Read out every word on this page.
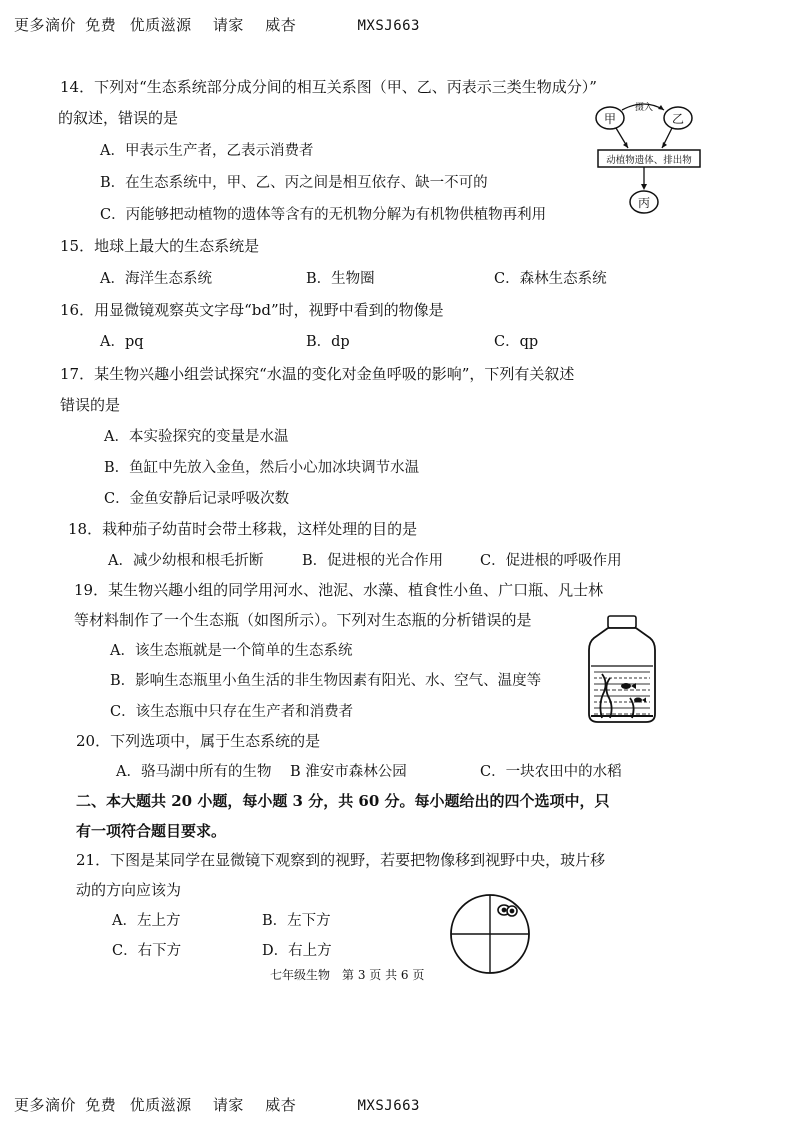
更多滴价 免费 优质滋源 请家 威杏	MXSJ663
14．下列对“生态系统部分成分间的相互关系图（甲、乙、丙表示三类生物成分）”
的叙述，错误的是
A．甲表示生产者，乙表示消费者
B．在生态系统中，甲、乙、丙之间是相互依存、缺一不可的
C．丙能够把动植物的遗体等含有的无机物分解为有机物供植物再利用
甲	乙
摄入
动植物遗体、排出物
丙
15．地球上最大的生态系统是
A．海洋生态系统	B．生物圈	C．森林生态系统
16．用显微镜观察英文字母“bd”时，视野中看到的物像是
A．pq	B．dp	C．qp
17．某生物兴趣小组尝试探究“水温的变化对金鱼呼吸的影响”，下列有关叙述
错误的是
A．本实验探究的变量是水温
B．鱼缸中先放入金鱼，然后小心加冰块调节水温
C．金鱼安静后记录呼吸次数
18．栽种茄子幼苗时会带土移栽，这样处理的目的是
A．减少幼根和根毛折断	B．促进根的光合作用	C．促进根的呼吸作用
19．某生物兴趣小组的同学用河水、池泥、水藻、植食性小鱼、广口瓶、凡士林
等材料制作了一个生态瓶（如图所示）。下列对生态瓶的分析错误的是
A．该生态瓶就是一个简单的生态系统
B．影响生态瓶里小鱼生活的非生物因素有阳光、水、空气、温度等
C．该生态瓶中只存在生产者和消费者
20．下列选项中，属于生态系统的是
A．骆马湖中所有的生物 B 淮安市森林公园	C．一块农田中的水稻
二、本大题共 20 小题，每小题 3 分，共 60 分。每小题给出的四个选项中，只
有一项符合题目要求。
21．下图是某同学在显微镜下观察到的视野，若要把物像移到视野中央，玻片移
动的方向应该为
A．左上方	B．左下方
C．右下方	D．右上方
七年级生物　第 3 页 共 6 页
更多滴价 免费 优质滋源 请家 威杏	MXSJ663
